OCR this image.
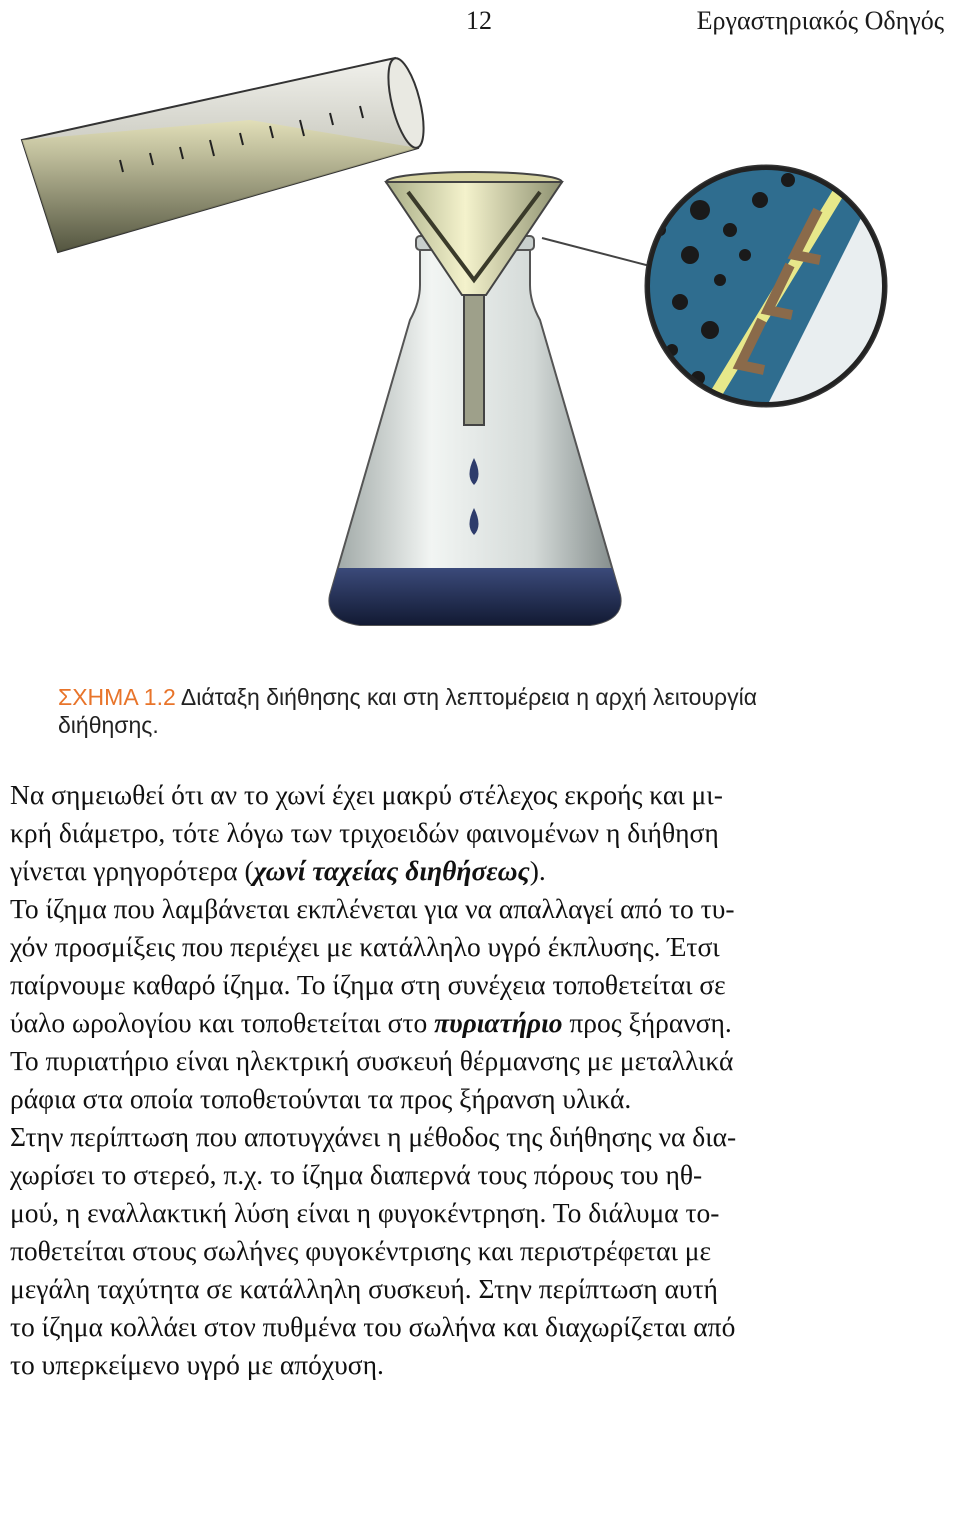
12	Εργαστηριακός Οδηγός
ΣΧΗΜΑ 1.2 Διάταξη διήθησης και στη λεπτομέρεια η αρχή λειτουργία
διήθησης.
Να σημειωθεί ότι αν το χωνί έχει μακρύ στέλεχος εκροής και μι-
κρή διάμετρο, τότε λόγω των τριχοειδών φαινομένων η διήθηση
γίνεται γρηγορότερα (χωνί ταχείας διηθήσεως).
Το ίζημα που λαμβάνεται εκπλένεται για να απαλλαγεί από το τυ-
χόν προσμίξεις που περιέχει με κατάλληλο υγρό έκπλυσης. Έτσι
παίρνουμε καθαρό ίζημα. Το ίζημα στη συνέχεια τοποθετείται σε
ύαλο ωρολογίου και τοποθετείται στο πυριατήριο προς ξήρανση.
Το πυριατήριο είναι ηλεκτρική συσκευή θέρμανσης με μεταλλικά
ράφια στα οποία τοποθετούνται τα προς ξήρανση υλικά.
Στην περίπτωση που αποτυγχάνει η μέθοδος της διήθησης να δια-
χωρίσει το στερεό, π.χ. το ίζημα διαπερνά τους πόρους του ηθ-
μού, η εναλλακτική λύση είναι η φυγοκέντρηση. Το διάλυμα το-
ποθετείται στους σωλήνες φυγοκέντρισης και περιστρέφεται με
μεγάλη ταχύτητα σε κατάλληλη συσκευή. Στην περίπτωση αυτή
το ίζημα κολλάει στον πυθμένα του σωλήνα και διαχωρίζεται από
το υπερκείμενο υγρό με απόχυση.
